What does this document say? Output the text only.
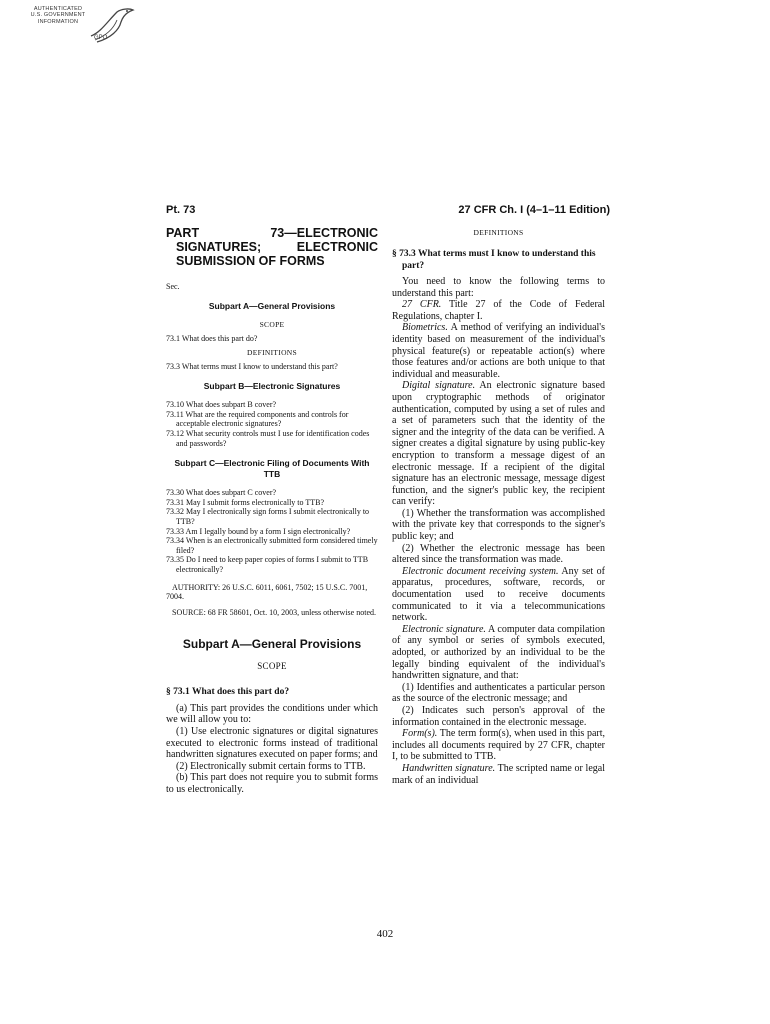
AUTHENTICATED
U.S. GOVERNMENT
INFORMATION
GPO
Pt. 73	27 CFR Ch. I (4–1–11 Edition)

PART 73—ELECTRONIC SIGNATURES; ELECTRONIC SUBMISSION OF FORMS

Sec.

Subpart A—General Provisions

SCOPE

73.1 What does this part do?

DEFINITIONS

73.3 What terms must I know to understand this part?

Subpart B—Electronic Signatures

73.10 What does subpart B cover?

73.11 What are the required components and controls for acceptable electronic signatures?

73.12 What security controls must I use for identification codes and passwords?

Subpart C—Electronic Filing of Documents With TTB

73.30 What does subpart C cover?

73.31 May I submit forms electronically to TTB?

73.32 May I electronically sign forms I submit electronically to TTB?

73.33 Am I legally bound by a form I sign electronically?

73.34 When is an electronically submitted form considered timely filed?

73.35 Do I need to keep paper copies of forms I submit to TTB electronically?

AUTHORITY: 26 U.S.C. 6011, 6061, 7502; 15 U.S.C. 7001, 7004.

SOURCE: 68 FR 58601, Oct. 10, 2003, unless otherwise noted.

Subpart A—General Provisions

SCOPE

§ 73.1 What does this part do?

(a) This part provides the conditions under which we will allow you to:

(1) Use electronic signatures or digital signatures executed to electronic forms instead of traditional handwritten signatures executed on paper forms; and

(2) Electronically submit certain forms to TTB.

(b) This part does not require you to submit forms to us electronically.

DEFINITIONS

§ 73.3 What terms must I know to understand this part?

You need to know the following terms to understand this part:

27 CFR. Title 27 of the Code of Federal Regulations, chapter I.

Biometrics. A method of verifying an individual's identity based on measurement of the individual's physical feature(s) or repeatable action(s) where those features and/or actions are both unique to that individual and measurable.

Digital signature. An electronic signature based upon cryptographic methods of originator authentication, computed by using a set of rules and a set of parameters such that the identity of the signer and the integrity of the data can be verified. A signer creates a digital signature by using public-key encryption to transform a message digest of an electronic message. If a recipient of the digital signature has an electronic message, message digest function, and the signer's public key, the recipient can verify:

(1) Whether the transformation was accomplished with the private key that corresponds to the signer's public key; and

(2) Whether the electronic message has been altered since the transformation was made.

Electronic document receiving system. Any set of apparatus, procedures, software, records, or documentation used to receive documents communicated to it via a telecommunications network.

Electronic signature. A computer data compilation of any symbol or series of symbols executed, adopted, or authorized by an individual to be the legally binding equivalent of the individual's handwritten signature, and that:

(1) Identifies and authenticates a particular person as the source of the electronic message; and

(2) Indicates such person's approval of the information contained in the electronic message.

Form(s). The term form(s), when used in this part, includes all documents required by 27 CFR, chapter I, to be submitted to TTB.

Handwritten signature. The scripted name or legal mark of an individual

402
